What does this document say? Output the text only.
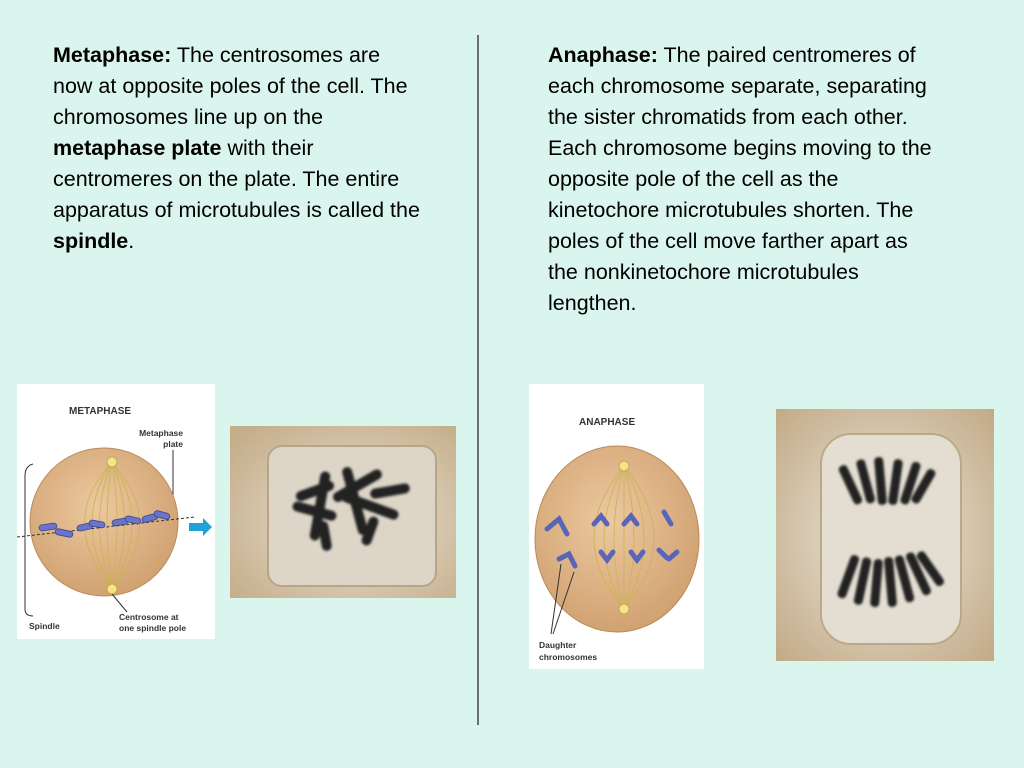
Metaphase: The centrosomes are now at opposite poles of the cell. The chromosomes line up on the metaphase plate with their centromeres on the plate. The entire apparatus of microtubules is called the spindle.

Anaphase: The paired centromeres of each chromosome separate, separating the sister chromatids from each other. Each chromosome begins moving to the opposite pole of the cell as the kinetochore microtubules shorten. The poles of the cell move farther apart as the nonkinetochore microtubules lengthen.

METAPHASE
Metaphase
plate
Spindle
Centrosome at
one spindle pole
ANAPHASE
Daughter
chromosomes
